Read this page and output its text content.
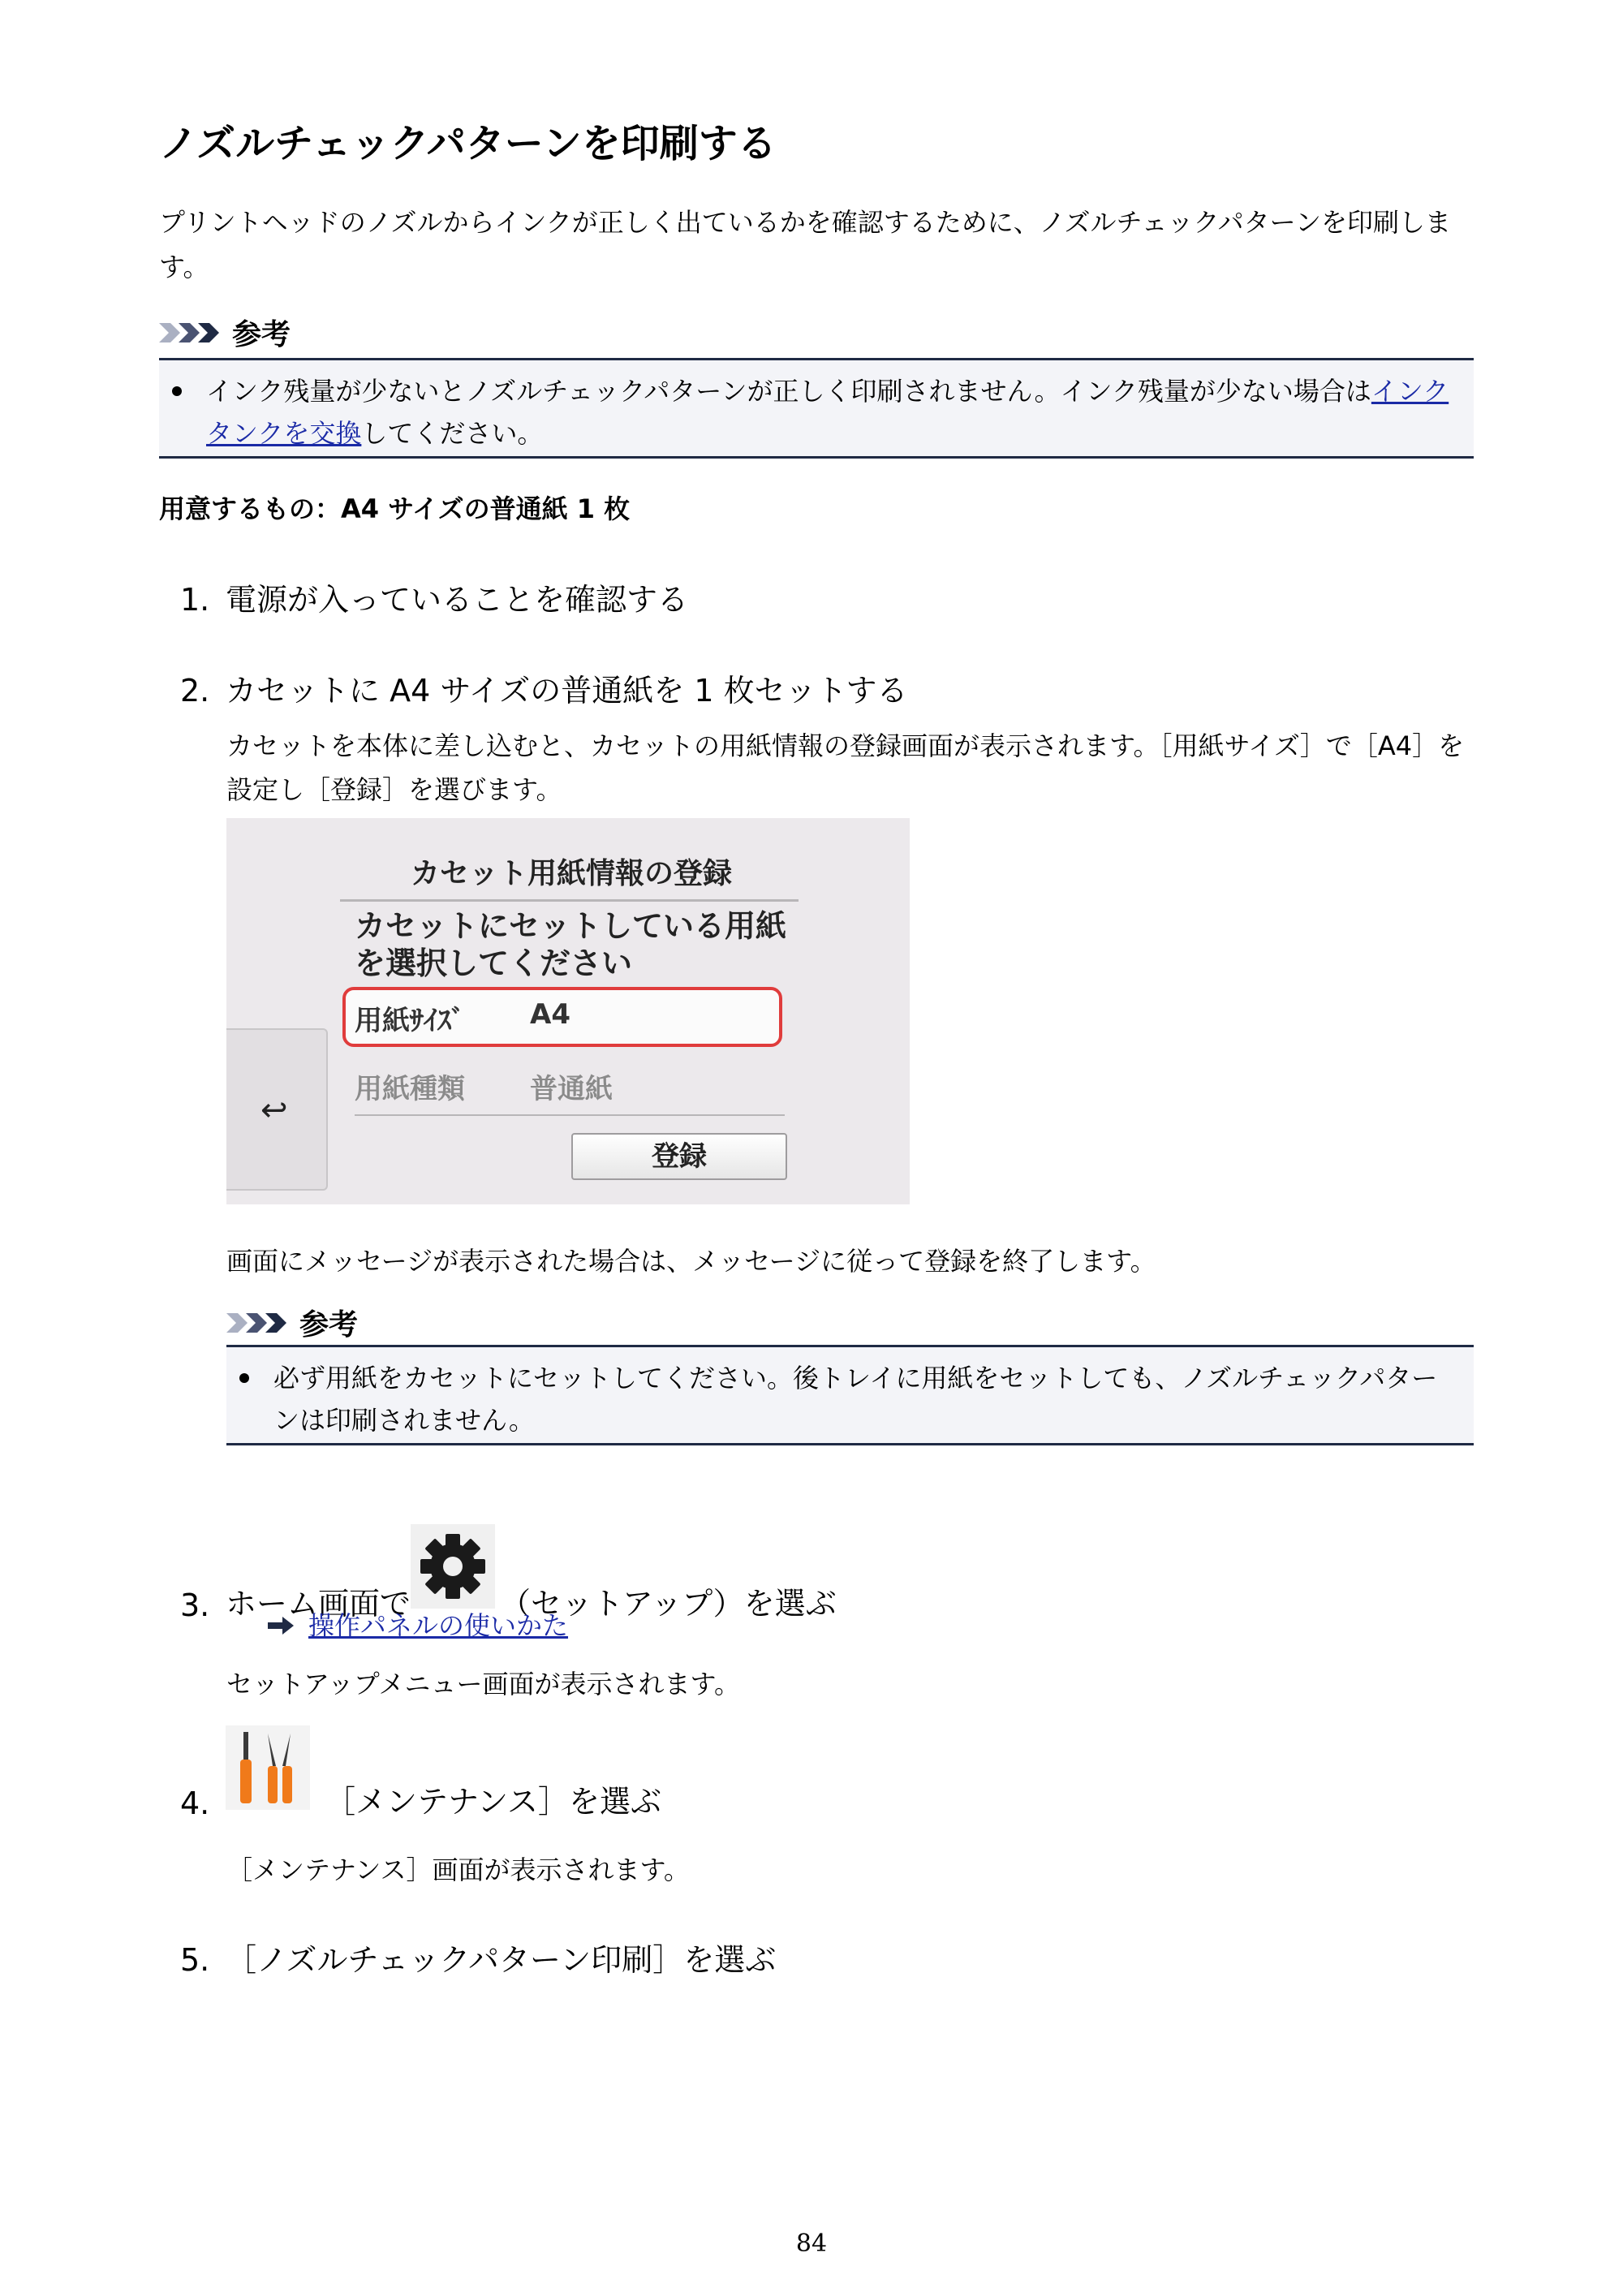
ノズルチェックパターンを印刷する
プリントヘッドのノズルからインクが正しく出ているかを確認するために、ノズルチェックパターンを印刷します。
参考
インク残量が少ないとノズルチェックパターンが正しく印刷されません。インク残量が少ない場合はインクタンクを交換してください。
用意するもの：A4 サイズの普通紙 1 枚
1. 電源が入っていることを確認する
2. カセットに A4 サイズの普通紙を 1 枚セットする
カセットを本体に差し込むと、カセットの用紙情報の登録画面が表示されます。［用紙サイズ］で［A4］を設定し［登録］を選びます。
↩
カセット用紙情報の登録
カセットにセットしている用紙
を選択してください
用紙ｻｲｽﾞ A4
用紙種類 普通紙
登録
画面にメッセージが表示された場合は、メッセージに従って登録を終了します。
参考
必ず用紙をカセットにセットしてください。後トレイに用紙をセットしても、ノズルチェックパターンは印刷されません。
3. ホーム画面で	（セットアップ）を選ぶ
操作パネルの使いかた
セットアップメニュー画面が表示されます。
4.	［メンテナンス］を選ぶ
［メンテナンス］画面が表示されます。
5. ［ノズルチェックパターン印刷］を選ぶ
84
